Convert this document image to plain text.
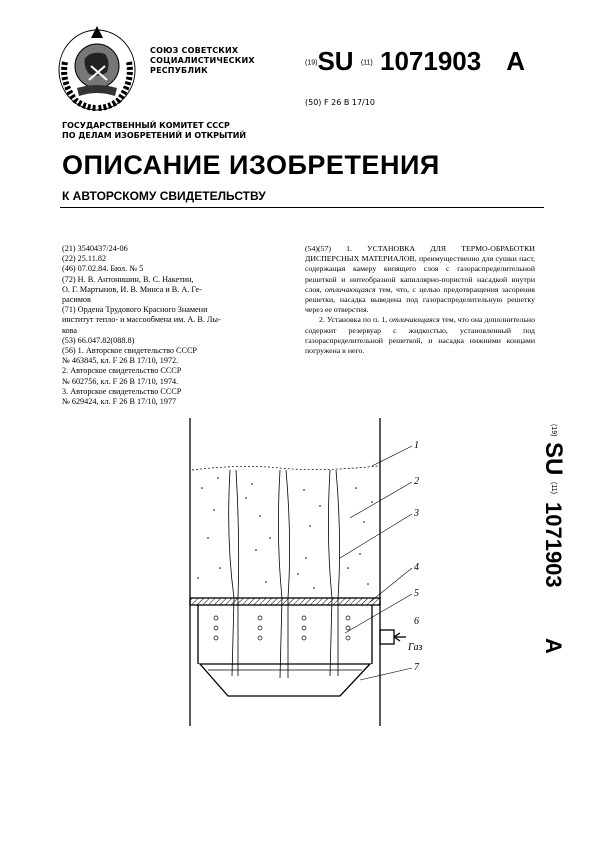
СОЮЗ СОВЕТСКИХ
СОЦИАЛИСТИЧЕСКИХ
РЕСПУБЛИК
(19)SU (11) 1071903 A
(50) F 26 B 17/10
ГОСУДАРСТВЕННЫЙ КОМИТЕТ СССР
ПО ДЕЛАМ ИЗОБРЕТЕНИЙ И ОТКРЫТИЙ
ОПИСАНИЕ ИЗОБРЕТЕНИЯ
К АВТОРСКОМУ СВИДЕТЕЛЬСТВУ
(21) 3540437/24-06
(22) 25.11.82
(46) 07.02.84. Бюл. № 5
(72) Н. В. Антонишин, В. С. Накетин,
О. Г. Мартынов, И. В. Минса и В. А. Ге-
расимов
(71) Ордена Трудового Красного Знамени
институт тепло- и массообмена им. А. В. Лы-
кова
(53) 66.047.82(088.8)
(56) 1. Авторское свидетельство СССР
№ 463845, кл. F 26 B 17/10, 1972.
2. Авторское свидетельство СССР
№ 602756, кл. F 26 B 17/10, 1974.
3. Авторское свидетельство СССР
№ 629424, кл. F 26 B 17/10, 1977

(54)(57) 1. УСТАНОВКА ДЛЯ ТЕРМО-ОБРАБОТКИ ДИСПЕРСНЫХ МАТЕРИАЛОВ, преимущественно для сушки паст, содержащая камеру кипящего слоя с газораспределительной решеткой и нитеобразной капиллярно-пористой насадкой внутри слоя, отличающаяся тем, что, с целью предотвращения засорения решетки, насадка выведена под газораспределительную решетку через ее отверстия.

2. Установка по п. 1, отличающаяся тем, что она дополнительно содержит резервуар с жидкостью, установленный под газораспределительной решеткой, и насадка нижними концами погружена в него.

(19)
SU
(11)
1071903
A
1
2
3
4
5
6
7
Газ
